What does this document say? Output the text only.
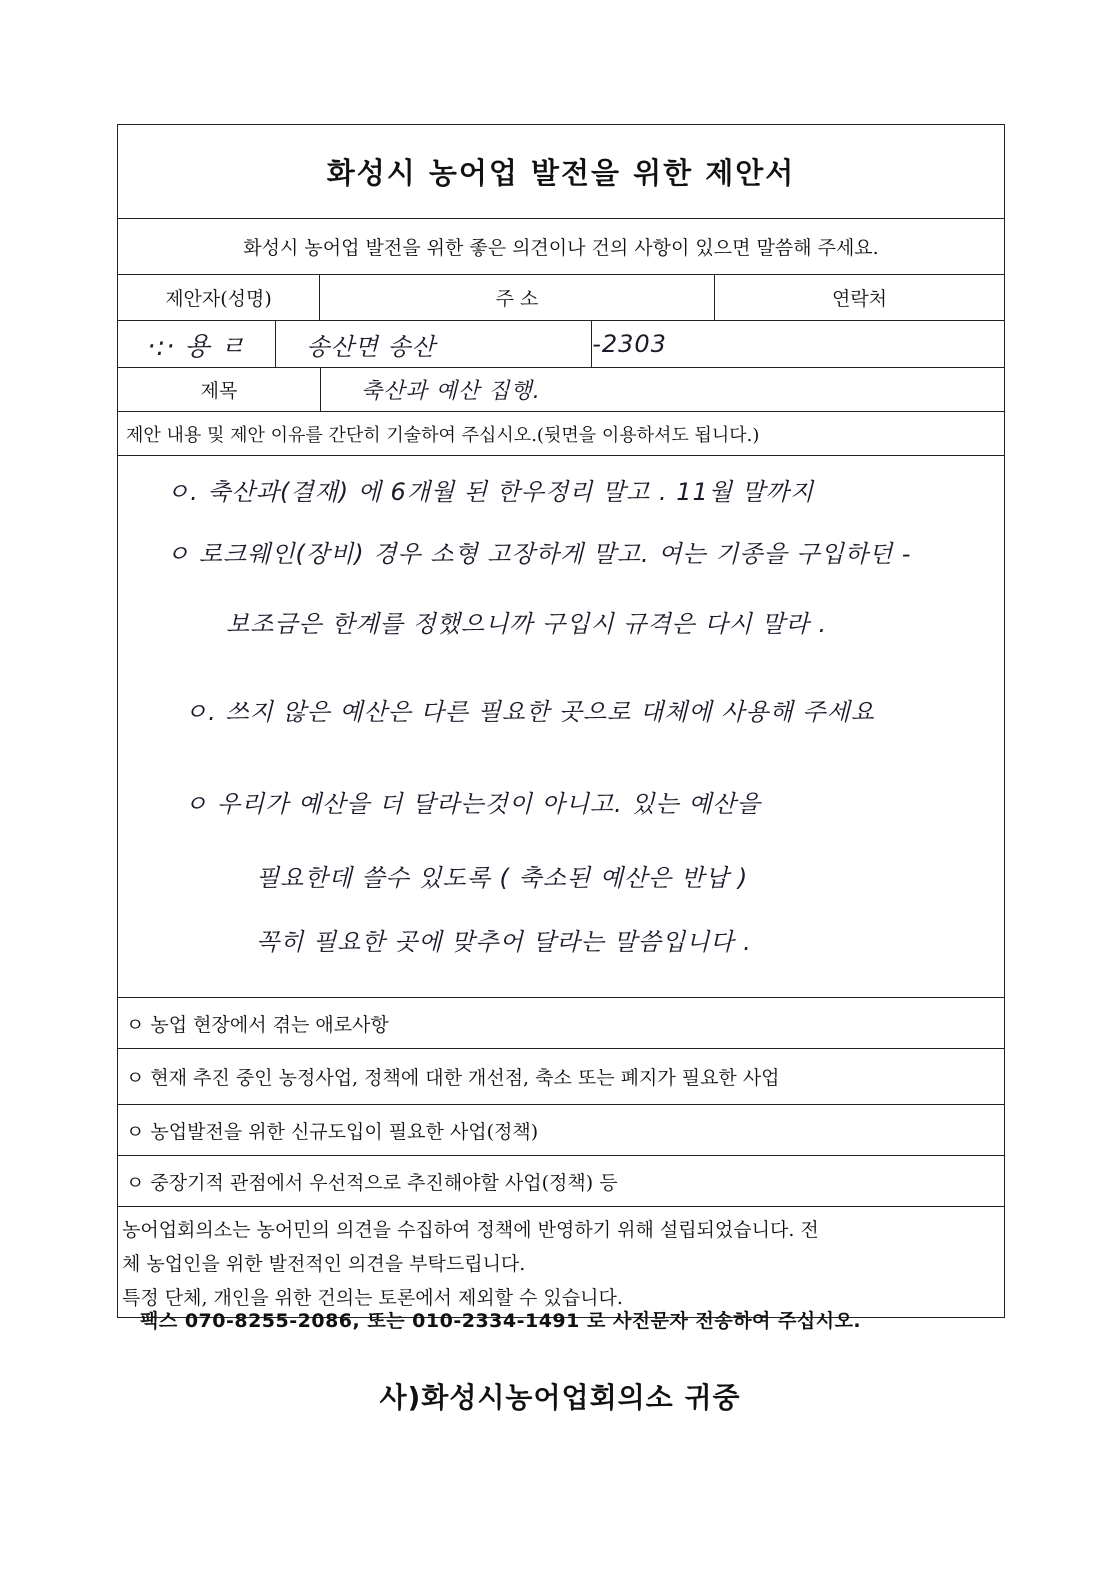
화성시 농어업 발전을 위한 제안서
화성시 농어업 발전을 위한 좋은 의견이나 건의 사항이 있으면 말씀해 주세요.
제안자(성명)	주 소	연락처
·:· 용 ㄹ	송산면 송산	-2303
제목	축산과 예산 집행.
제안 내용 및 제안 이유를 간단히 기술하여 주십시오.(뒷면을 이용하셔도 됩니다.)
ㅇ. 축산과(결재) 에 6개월 된 한우정리 말고 . 11월 말까지
ㅇ 로크웨인(장비) 경우 소형 고장하게 말고. 여는 기종을 구입하던 -
보조금은 한계를 정했으니까 구입시 규격은 다시 말라 .
ㅇ. 쓰지 않은 예산은 다른 필요한 곳으로 대체에 사용해 주세요
ㅇ 우리가 예산을 더 달라는것이 아니고. 있는 예산을
필요한데 쓸수 있도록 ( 축소된 예산은 반납 )
꼭히 필요한 곳에 맞추어 달라는 말씀입니다 .
ㅇ 농업 현장에서 겪는 애로사항
ㅇ 현재 추진 중인 농정사업, 정책에 대한 개선점, 축소 또는 폐지가 필요한 사업
ㅇ 농업발전을 위한 신규도입이 필요한 사업(정책)
ㅇ 중장기적 관점에서 우선적으로 추진해야할 사업(정책) 등
농어업회의소는 농어민의 의견을 수집하여 정책에 반영하기 위해 설립되었습니다. 전
체 농업인을 위한 발전적인 의견을 부탁드립니다.
특정 단체, 개인을 위한 건의는 토론에서 제외할 수 있습니다.
팩스 070-8255-2086, 또는 010-2334-1491 로 사진문자 전송하여 주십시오.
사)화성시농어업회의소 귀중
